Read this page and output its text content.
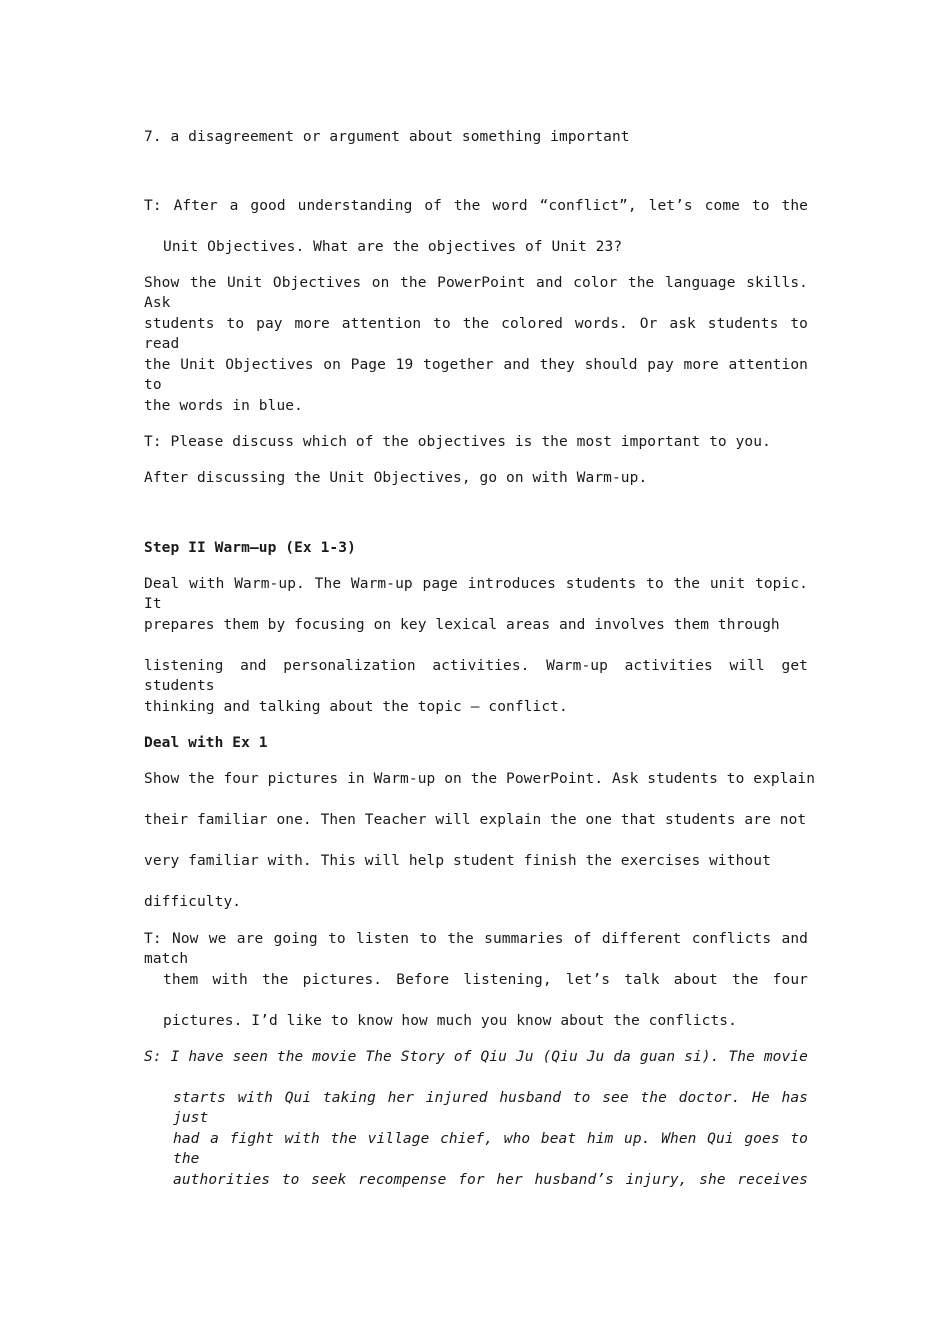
7. a disagreement or argument about something important
T: After a good understanding of the word “conflict”, let’s come to the
Unit Objectives. What are the objectives of Unit 23?
Show the Unit Objectives on the PowerPoint and color the language skills. Ask
students to pay more attention to the colored words. Or ask students to read
the Unit Objectives on Page 19 together and they should pay more attention to
the words in blue.
T: Please discuss which of the objectives is the most important to you.
After discussing the Unit Objectives, go on with Warm-up.
Step II Warm–up (Ex 1-3)
Deal with Warm-up. The Warm-up page introduces students to the unit topic. It
prepares them by focusing on key lexical areas and involves them through
listening and personalization activities. Warm-up activities will get students
thinking and talking about the topic — conflict.
Deal with Ex 1
Show the four pictures in Warm-up on the PowerPoint. Ask students to explain
their familiar one. Then Teacher will explain the one that students are not
very familiar with. This will help student finish the exercises without
difficulty.
T: Now we are going to listen to the summaries of different conflicts and match
them with the pictures. Before listening, let’s talk about the four
pictures. I’d like to know how much you know about the conflicts.
S: I have seen the movie The Story of Qiu Ju (Qiu Ju da guan si). The movie
starts with Qui taking her injured husband to see the doctor. He has just
had a fight with the village chief, who beat him up. When Qui goes to the
authorities to seek recompense for her husband’s injury, she receives
